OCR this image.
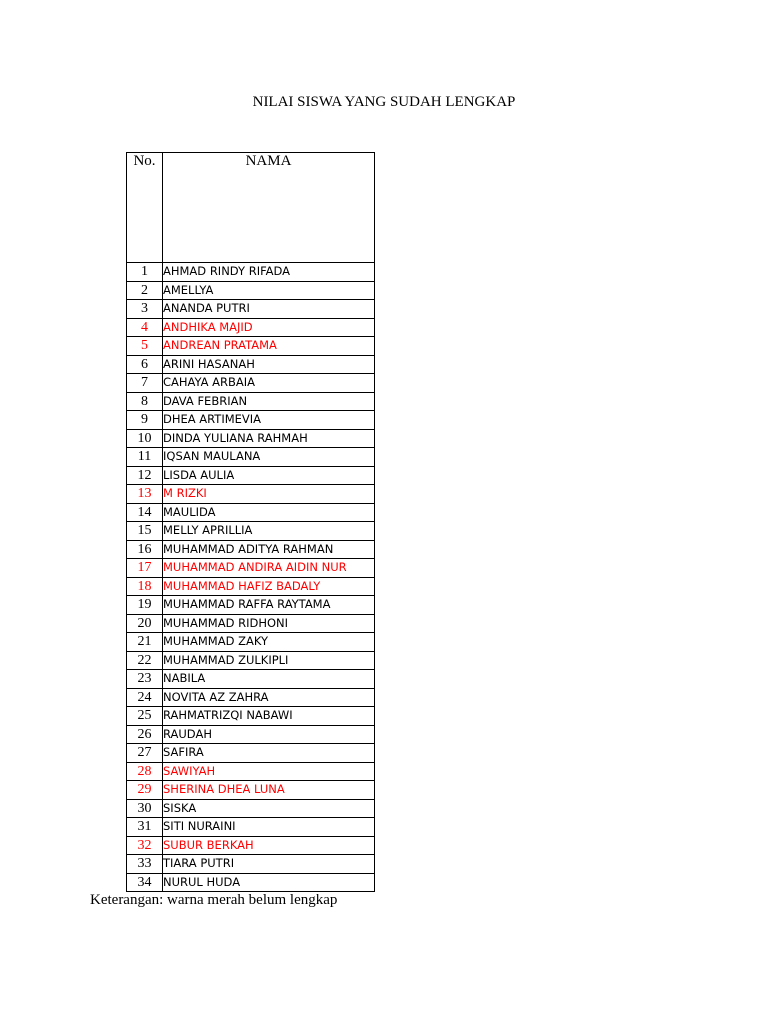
NILAI SISWA YANG SUDAH LENGKAP
No.	NAMA
1	AHMAD RINDY RIFADA
2	AMELLYA
3	ANANDA PUTRI
4	ANDHIKA MAJID
5	ANDREAN PRATAMA
6	ARINI HASANAH
7	CAHAYA ARBAIA
8	DAVA FEBRIAN
9	DHEA ARTIMEVIA
10	DINDA YULIANA RAHMAH
11	IQSAN MAULANA
12	LISDA AULIA
13	M RIZKI
14	MAULIDA
15	MELLY APRILLIA
16	MUHAMMAD ADITYA RAHMAN
17	MUHAMMAD ANDIRA AIDIN NUR
18	MUHAMMAD HAFIZ BADALY
19	MUHAMMAD RAFFA RAYTAMA
20	MUHAMMAD RIDHONI
21	MUHAMMAD ZAKY
22	MUHAMMAD ZULKIPLI
23	NABILA
24	NOVITA AZ ZAHRA
25	RAHMATRIZQI NABAWI
26	RAUDAH
27	SAFIRA
28	SAWIYAH
29	SHERINA DHEA LUNA
30	SISKA
31	SITI NURAINI
32	SUBUR BERKAH
33	TIARA PUTRI
34	NURUL HUDA
Keterangan: warna merah belum lengkap
